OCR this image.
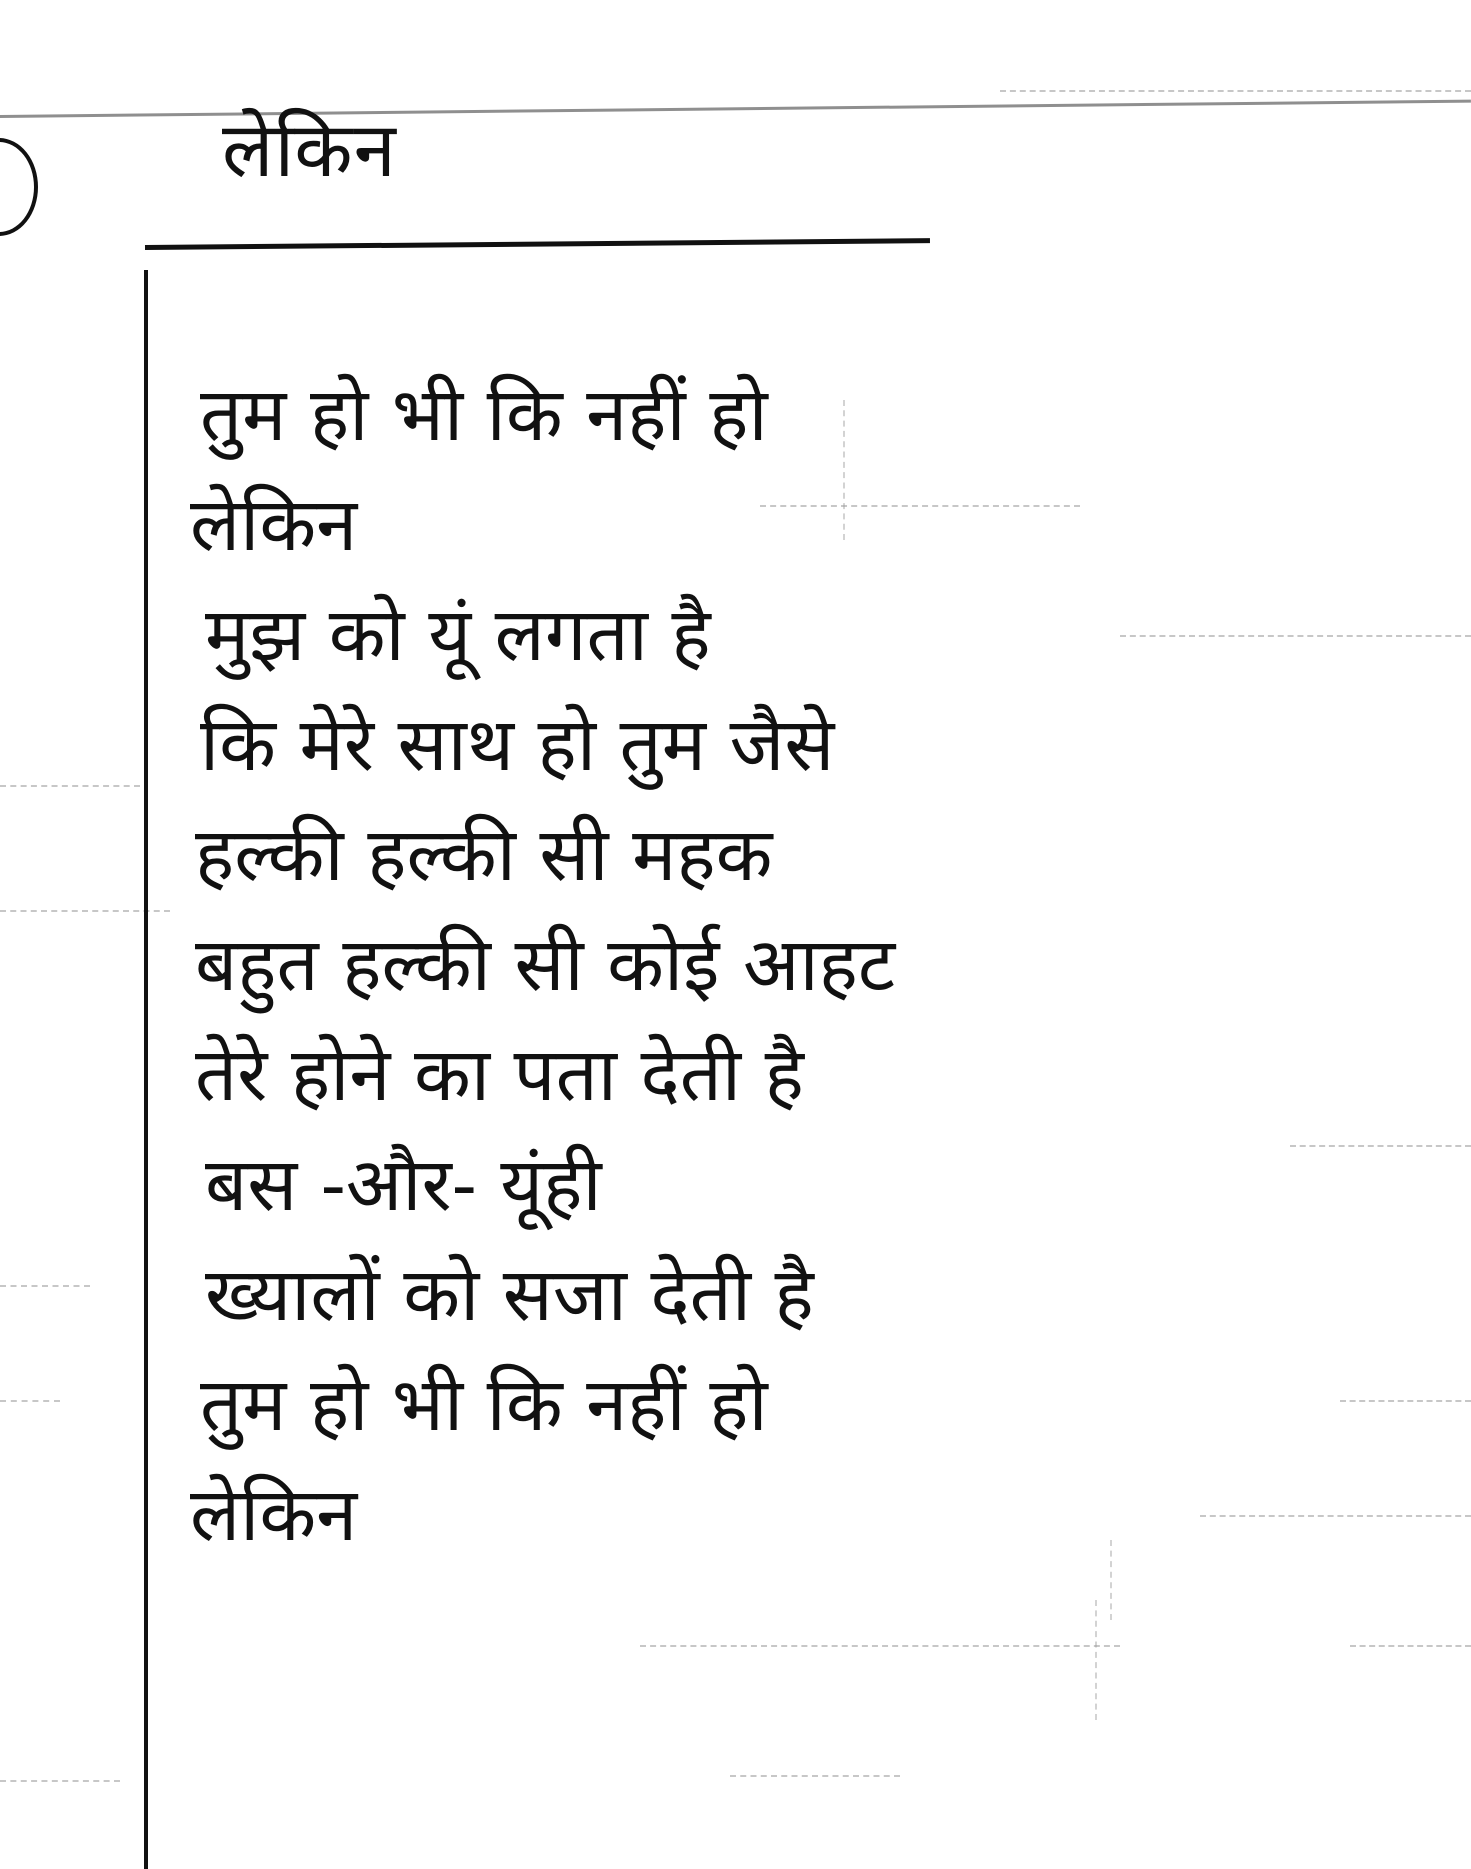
लेकिन
तुम हो भी कि नहीं हो
लेकिन
मुझ को यूं लगता है
कि मेरे साथ हो तुम जैसे
हल्की हल्की सी महक
बहुत हल्की सी कोई आहट
तेरे होने का पता देती है
बस -और- यूंही
ख्यालों को सजा देती है
तुम हो भी कि नहीं हो
लेकिन
